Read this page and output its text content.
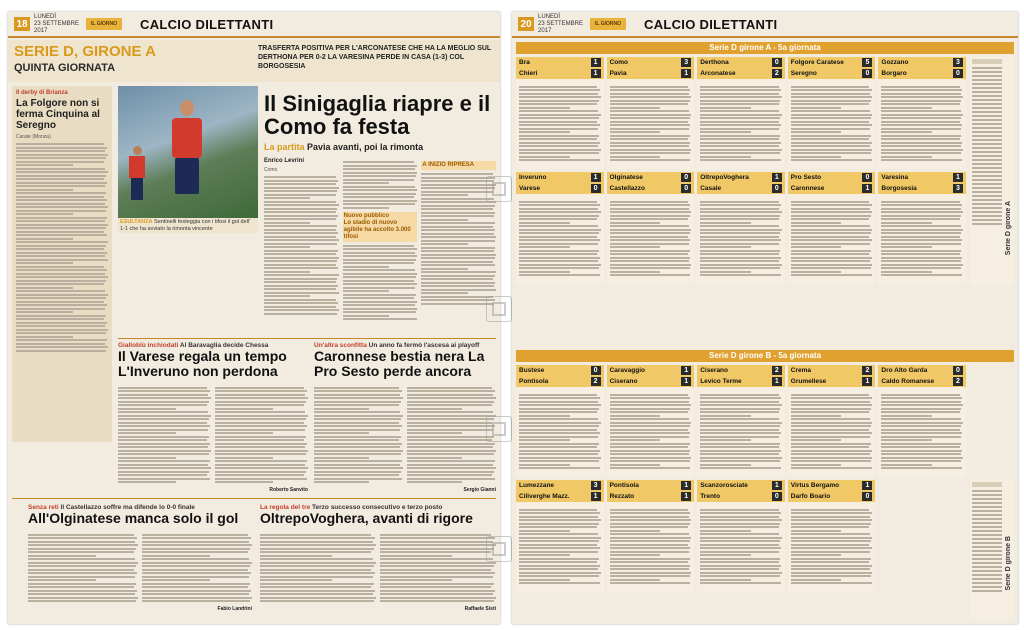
18
LUNEDÌ
23 SETTEMBRE 2017
IL GIORNO	CALCIO DILETTANTI
SERIE D, GIRONE A
QUINTA GIORNATA
TRASFERTA POSITIVA PER L'ARCONATESE CHE HA LA MEGLIO SUL DERTHONA PER 0-2 LA VARESINA PERDE IN CASA (1-3) COL BORGOSESIA
Il derby di Brianza
La Folgore non si ferma Cinquina al Seregno
Carate (Monza)
ESULTANZA Sentinelli festeggia con i tifosi il gol dell' 1-1 che ha avviato la rimonta vincente
Il Sinigaglia riapre e il Como fa festa
La partita Pavia avanti, poi la rimonta
Enrico Levrini
Como
Nuovo pubblico
Lo stadio di nuovo agibile ha accolto 3.000 tifosi
A INIZIO RIPRESA
Gialloblù inchiodati Al Baravaglia decide Chessa
Il Varese regala un tempo L'Inveruno non perdona
Roberto Sanvito
Un'altra sconfitta Un anno fa fermò l'ascesa ai playoff
Caronnese bestia nera La Pro Sesto perde ancora
Sergio Gianni
Senza reti Il Castellazzo soffre ma difende lo 0-0 finale
All'Olginatese manca solo il gol
Fabio Landrini
La regola del tre Terzo successo consecutivo e terzo posto
OltrepoVoghera, avanti di rigore
Raffaele Sisti
20
LUNEDÌ
23 SETTEMBRE 2017
IL GIORNO	CALCIO DILETTANTI
Serie D girone A - 5a giornata
Bra
Chieri
1
1
Como
Pavia
3
1
Derthona
Arconatese
0
2
Folgore Caratese
Seregno
5
0
Gozzano
Borgaro
3
0
Inveruno
Varese
1
0
Olginatese
Castellazzo
0
0
OltrepoVoghera
Casale
1
0
Pro Sesto
Caronnese
0
1
Varesina
Borgosesia
1
3
Serie D girone A
Serie D girone B - 5a giornata
Bustese
Pontisola
0
2
Caravaggio
Ciserano
1
1
Ciserano
Levico Terme
2
1
Crema
Grumellese
2
1
Dro Alto Garda
Caldo Romanese
0
2
Lumezzane
Ciliverghe Mazz.
3
1
Pontisola
Rezzato
1
1
Scanzorosciate
Trento
1
0
Virtus Bergamo
Darfo Boario
1
0
Serie D girone B
